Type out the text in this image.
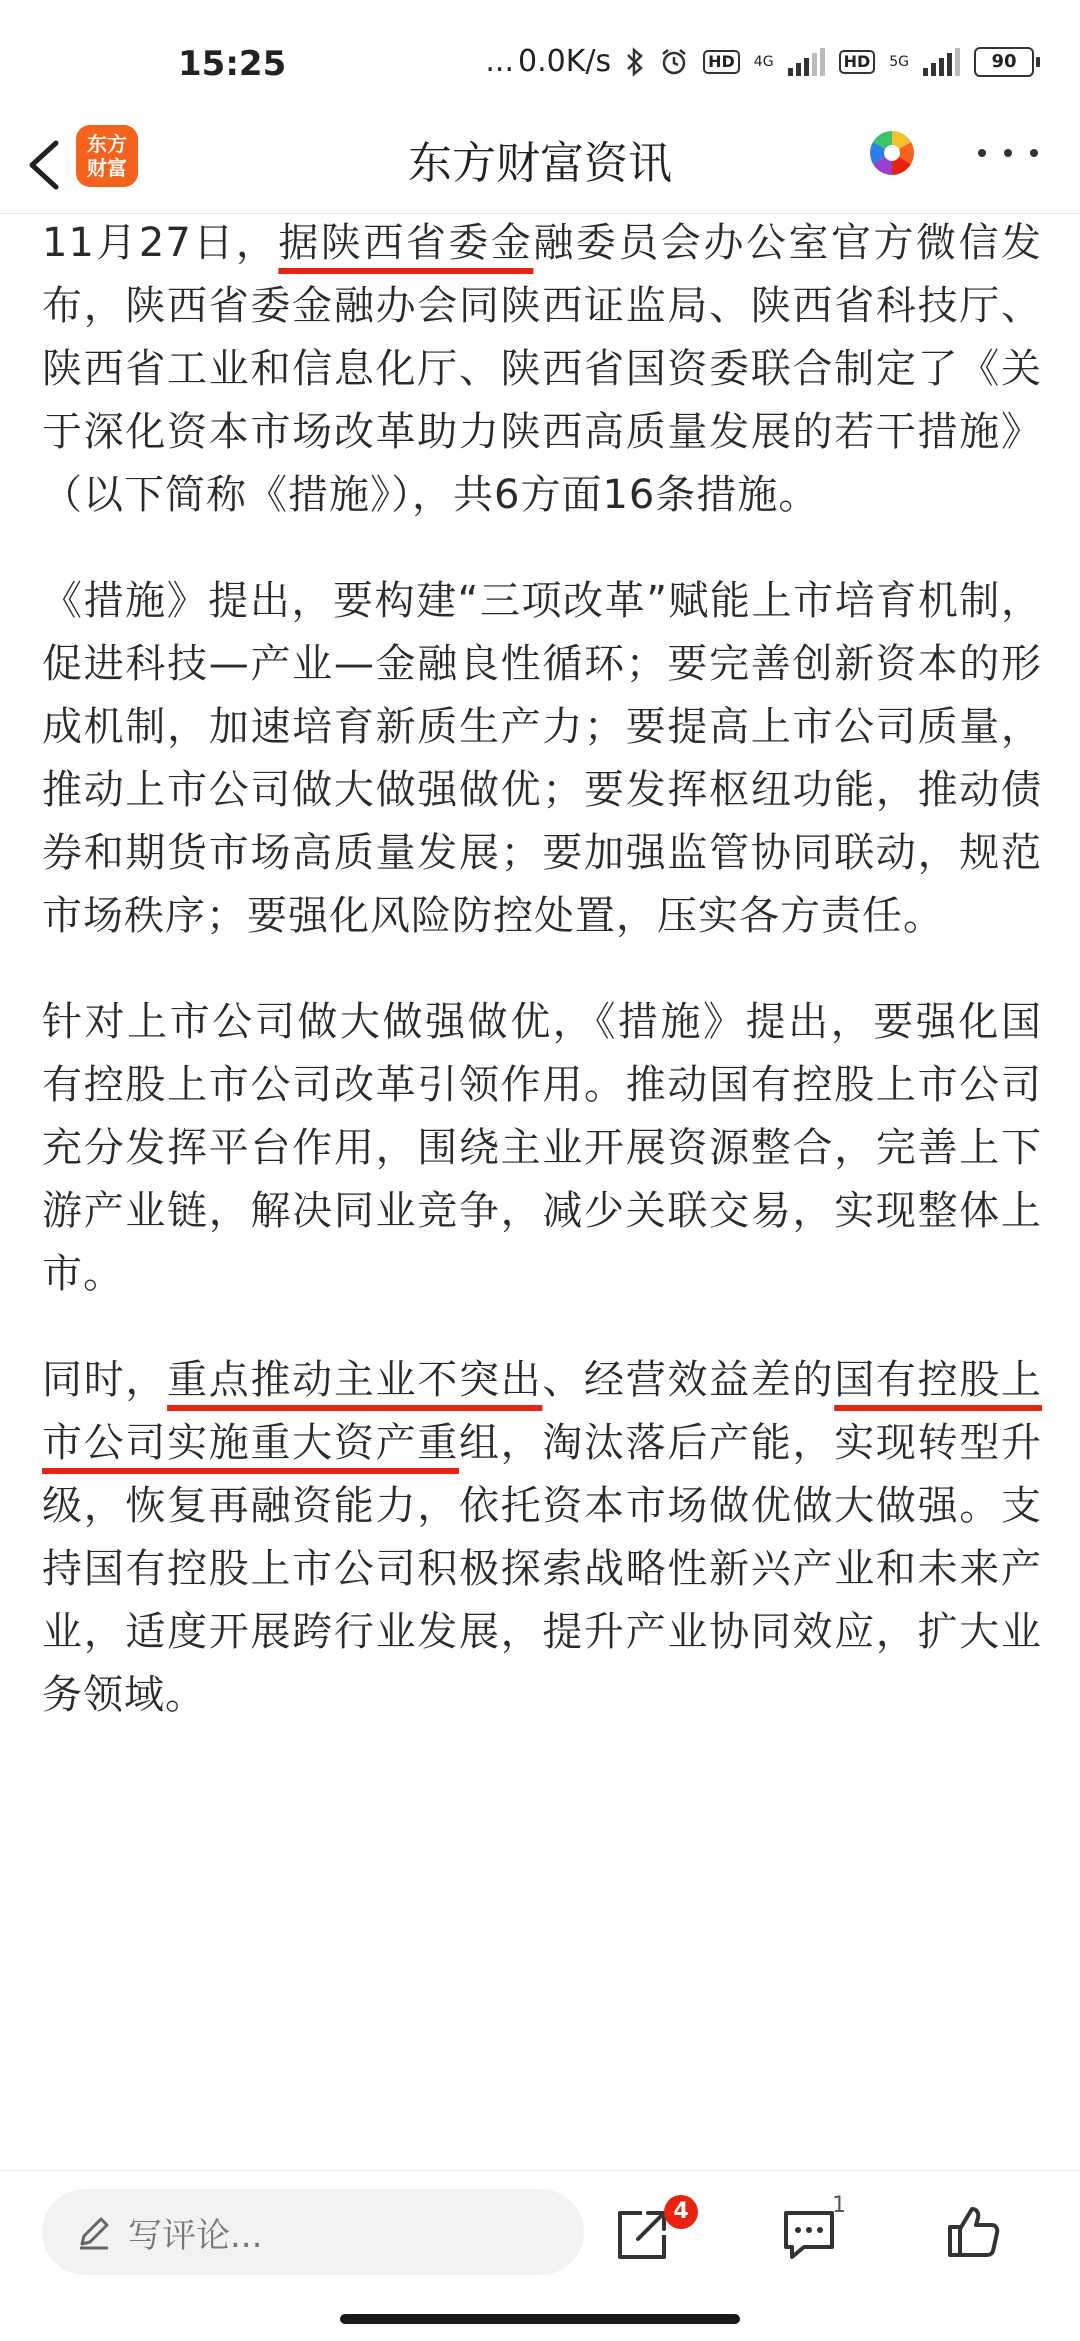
15:25	... 0.0K/s	HD	4G	HD	5G	90
东方
财富	东方财富资讯

11月27日，据陕西省委金融委员会办公室官方微信发布，陕西省委金融办会同陕西证监局、陕西省科技厅、陕西省工业和信息化厅、陕西省国资委联合制定了《关于深化资本市场改革助力陕西高质量发展的若干措施》（以下简称《措施》），共6方面16条措施。

《措施》提出，要构建“三项改革”赋能上市培育机制，促进科技—产业—金融良性循环；要完善创新资本的形成机制，加速培育新质生产力；要提高上市公司质量，推动上市公司做大做强做优；要发挥枢纽功能，推动债券和期货市场高质量发展；要加强监管协同联动，规范市场秩序；要强化风险防控处置，压实各方责任。

针对上市公司做大做强做优，《措施》提出，要强化国有控股上市公司改革引领作用。推动国有控股上市公司充分发挥平台作用，围绕主业开展资源整合，完善上下游产业链，解决同业竞争，减少关联交易，实现整体上市。

同时，重点推动主业不突出、经营效益差的国有控股上市公司实施重大资产重组，淘汰落后产能，实现转型升级，恢复再融资能力，依托资本市场做优做大做强。支持国有控股上市公司积极探索战略性新兴产业和未来产业，适度开展跨行业发展，提升产业协同效应，扩大业务领域。

写评论...
4	1
